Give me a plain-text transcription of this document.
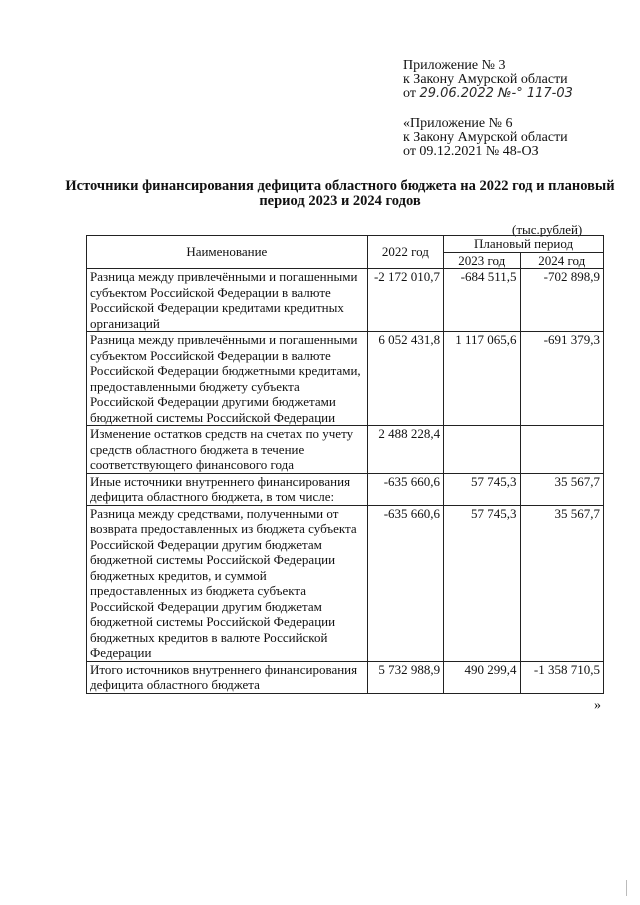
Приложение № 3
к Закону Амурской области
от 29.06.2022 №-° 117-03
«Приложение № 6
к Закону Амурской области
от 09.12.2021 № 48-ОЗ
Источники финансирования дефицита областного бюджета на 2022 год и плановый период 2023 и 2024 годов
(тыс.рублей)
Наименование	2022 год	Плановый период	
		2023 год	2024 год
Разница между привлечёнными и погашенными субъектом Российской Федерации в валюте Российской Федерации кредитами кредитных организаций	-2 172 010,7	-684 511,5	-702 898,9
Разница между привлечёнными и погашенными субъектом Российской Федерации в валюте Российской Федерации бюджетными кредитами, предоставленными бюджету субъекта Российской Федерации другими бюджетами бюджетной системы Российской Федерации	6 052 431,8	1 117 065,6	-691 379,3
Изменение остатков средств на счетах по учету средств областного бюджета в течение соответствующего финансового года	2 488 228,4		
Иные источники внутреннего финансирования дефицита областного бюджета, в том числе:	-635 660,6	57 745,3	35 567,7
Разница между средствами, полученными от возврата предоставленных из бюджета субъекта Российской Федерации другим бюджетам бюджетной системы Российской Федерации бюджетных кредитов, и суммой предоставленных из бюджета субъекта Российской Федерации другим бюджетам бюджетной системы Российской Федерации бюджетных кредитов в валюте Российской Федерации	-635 660,6	57 745,3	35 567,7
Итого источников внутреннего финансирования дефицита областного бюджета	5 732 988,9	490 299,4	-1 358 710,5
»
